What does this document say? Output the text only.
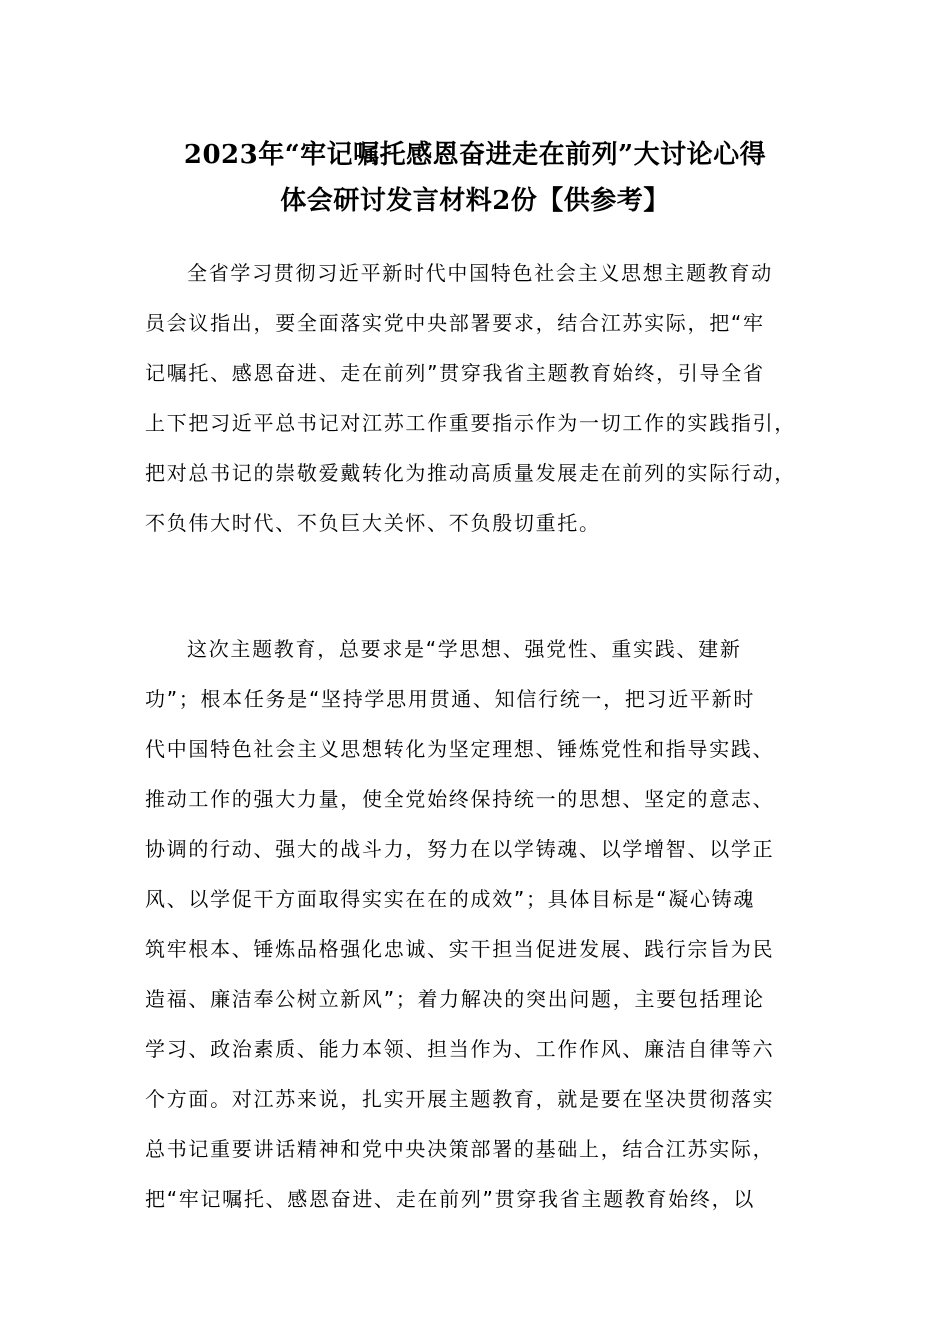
2023年“牢记嘱托感恩奋进走在前列”大讨论心得
体会研讨发言材料2份【供参考】
全省学习贯彻习近平新时代中国特色社会主义思想主题教育动
员会议指出，要全面落实党中央部署要求，结合江苏实际，把“牢
记嘱托、感恩奋进、走在前列”贯穿我省主题教育始终，引导全省
上下把习近平总书记对江苏工作重要指示作为一切工作的实践指引，
把对总书记的崇敬爱戴转化为推动高质量发展走在前列的实际行动，
不负伟大时代、不负巨大关怀、不负殷切重托。
这次主题教育，总要求是“学思想、强党性、重实践、建新
功”；根本任务是“坚持学思用贯通、知信行统一，把习近平新时
代中国特色社会主义思想转化为坚定理想、锤炼党性和指导实践、
推动工作的强大力量，使全党始终保持统一的思想、坚定的意志、
协调的行动、强大的战斗力，努力在以学铸魂、以学增智、以学正
风、以学促干方面取得实实在在的成效”；具体目标是“凝心铸魂
筑牢根本、锤炼品格强化忠诚、实干担当促进发展、践行宗旨为民
造福、廉洁奉公树立新风”；着力解决的突出问题，主要包括理论
学习、政治素质、能力本领、担当作为、工作作风、廉洁自律等六
个方面。对江苏来说，扎实开展主题教育，就是要在坚决贯彻落实
总书记重要讲话精神和党中央决策部署的基础上，结合江苏实际，
把“牢记嘱托、感恩奋进、走在前列”贯穿我省主题教育始终，以
